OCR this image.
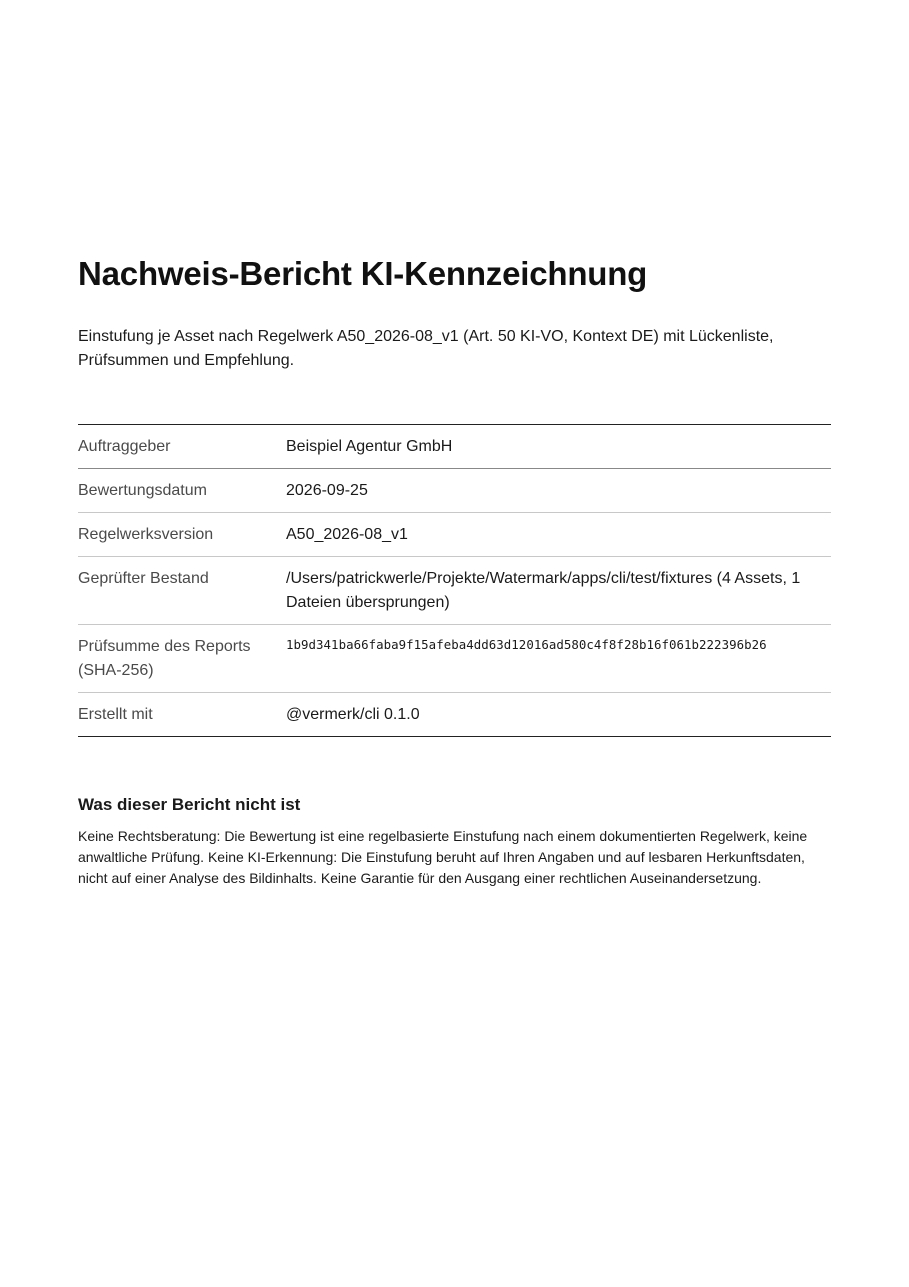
Nachweis-Bericht KI-Kennzeichnung

Einstufung je Asset nach Regelwerk A50_2026-08_v1 (Art. 50 KI-VO, Kontext DE) mit Lückenliste, Prüfsummen und Empfehlung.

Auftraggeber	Beispiel Agentur GmbH
Bewertungsdatum	2026-09-25
Regelwerksversion	A50_2026-08_v1
Geprüfter Bestand	/Users/patrickwerle/Projekte/Watermark/apps/cli/test/fixtures (4 Assets, 1 Dateien übersprungen)
Prüfsumme des Reports (SHA-256)	1b9d341ba66faba9f15afeba4dd63d12016ad580c4f8f28b16f061b222396b26
Erstellt mit	@vermerk/cli 0.1.0
Was dieser Bericht nicht ist

Keine Rechtsberatung: Die Bewertung ist eine regelbasierte Einstufung nach einem dokumentierten Regelwerk, keine anwaltliche Prüfung. Keine KI-Erkennung: Die Einstufung beruht auf Ihren Angaben und auf lesbaren Herkunftsdaten, nicht auf einer Analyse des Bildinhalts. Keine Garantie für den Ausgang einer rechtlichen Auseinandersetzung.
